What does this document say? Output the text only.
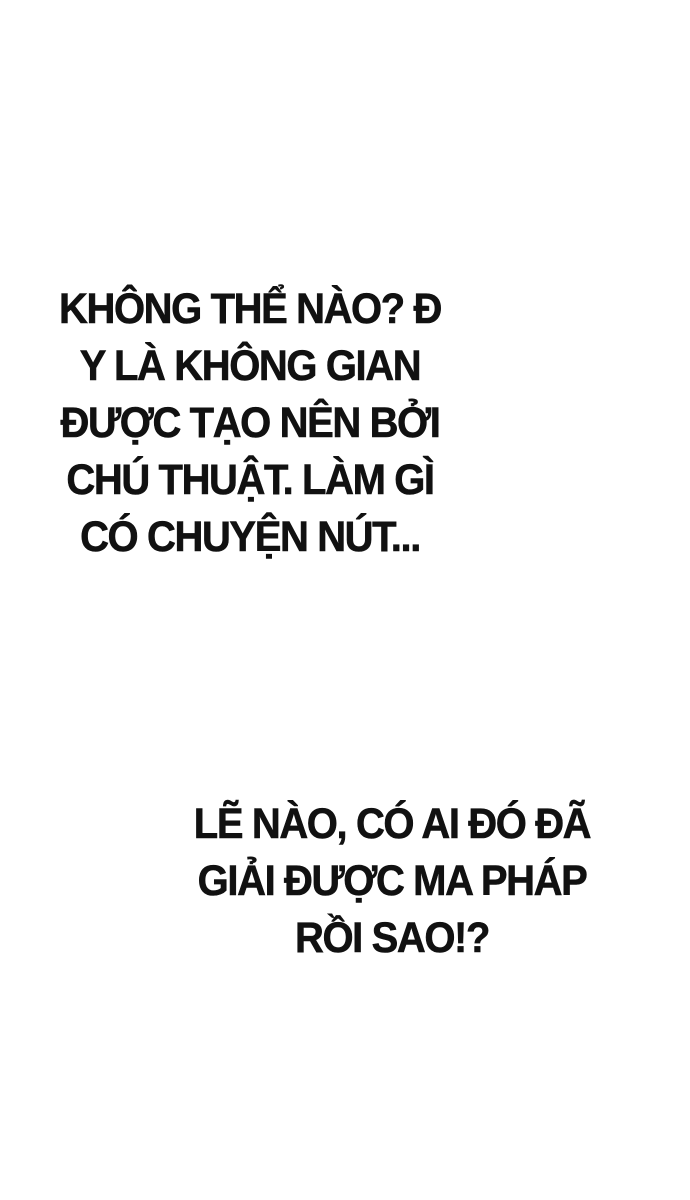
KHÔNG THỂ NÀO? Đ
Y LÀ KHÔNG GIAN
ĐƯỢC TẠO NÊN BỞI
CHÚ THUẬT. LÀM GÌ
CÓ CHUYỆN NÚT...
LẼ NÀO, CÓ AI ĐÓ ĐÃ
GIẢI ĐƯỢC MA PHÁP
RỒI SAO!?
